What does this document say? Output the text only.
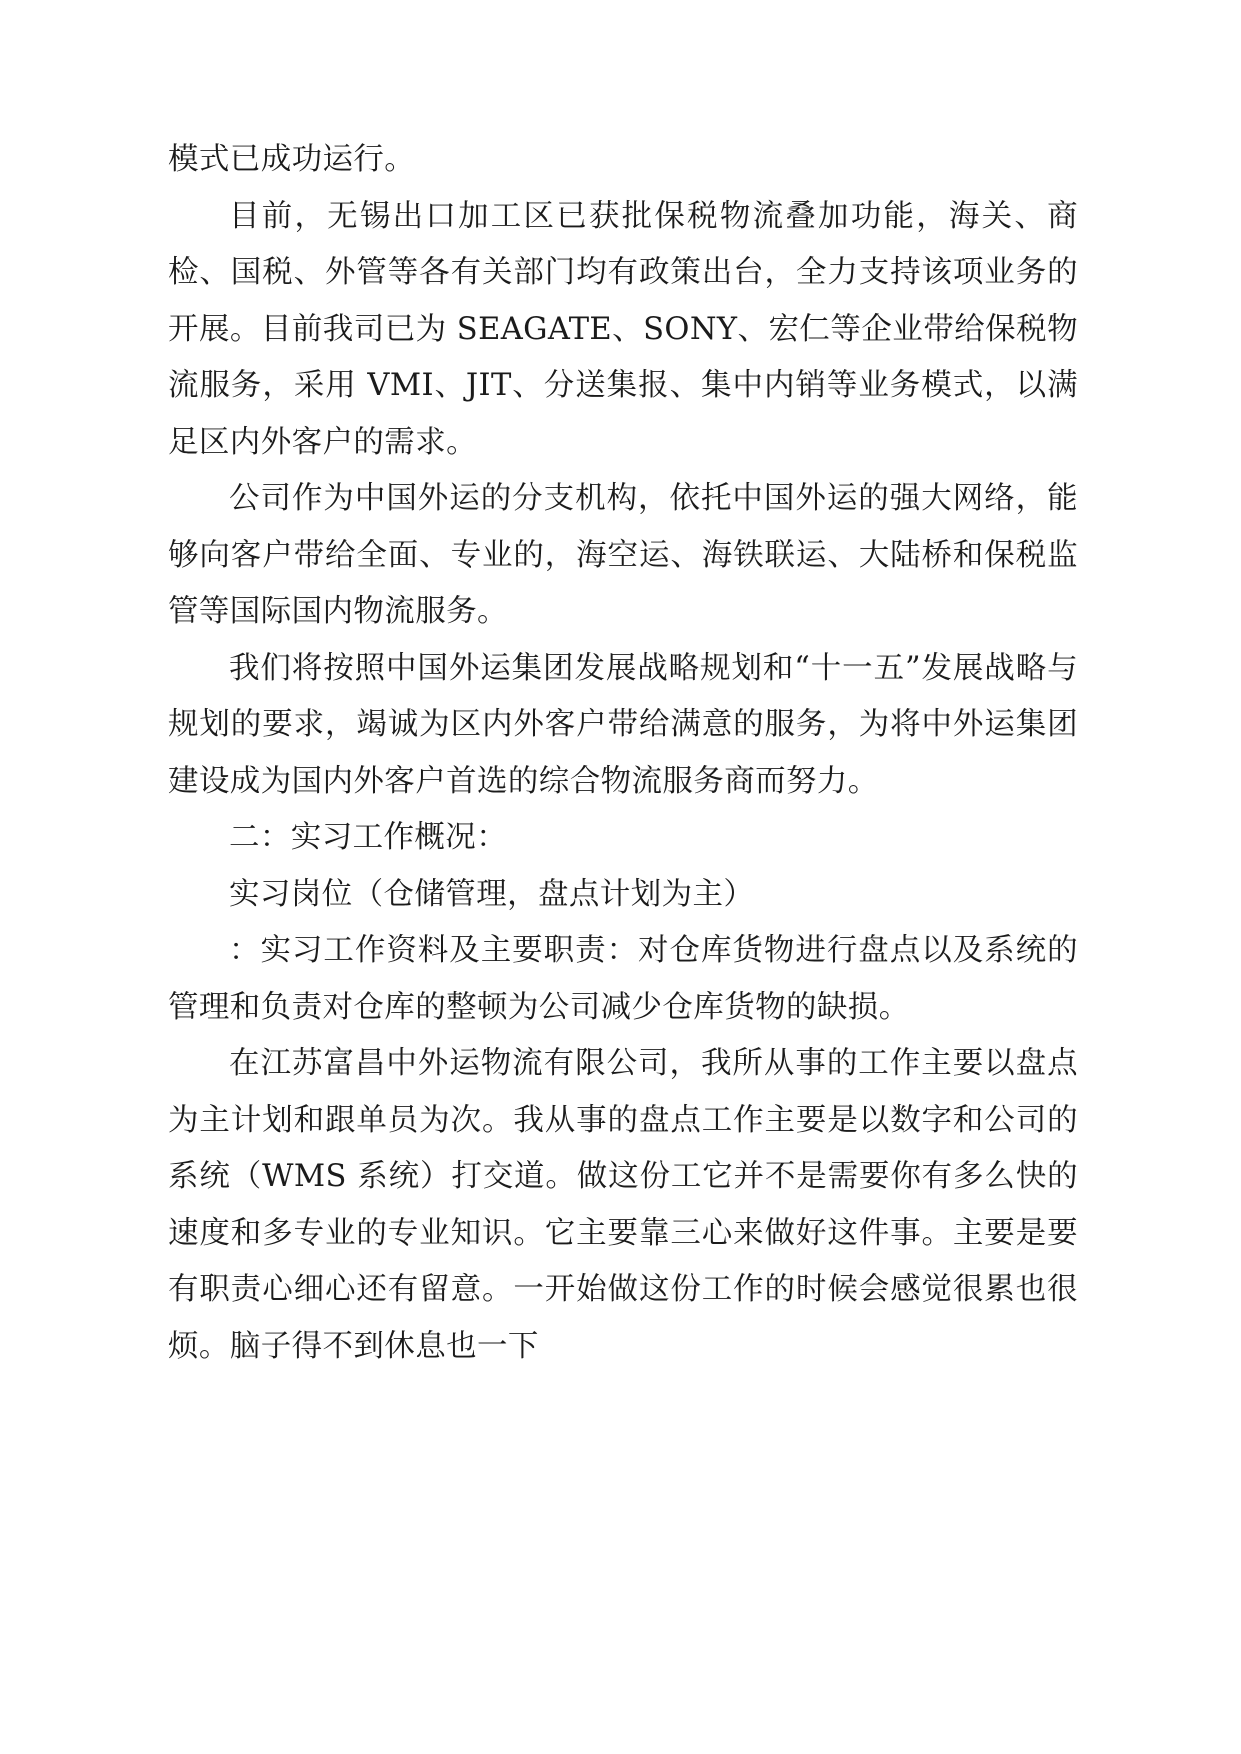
模式已成功运行。

目前，无锡出口加工区已获批保税物流叠加功能，海关、商检、国税、外管等各有关部门均有政策出台，全力支持该项业务的开展。目前我司已为 SEAGATE、SONY、宏仁等企业带给保税物流服务，采用 VMI、JIT、分送集报、集中内销等业务模式，以满足区内外客户的需求。

公司作为中国外运的分支机构，依托中国外运的强大网络，能够向客户带给全面、专业的，海空运、海铁联运、大陆桥和保税监管等国际国内物流服务。

我们将按照中国外运集团发展战略规划和“十一五”发展战略与规划的要求，竭诚为区内外客户带给满意的服务，为将中外运集团建设成为国内外客户首选的综合物流服务商而努力。

二：实习工作概况：

实习岗位（仓储管理，盘点计划为主）

：实习工作资料及主要职责：对仓库货物进行盘点以及系统的管理和负责对仓库的整顿为公司减少仓库货物的缺损。

在江苏富昌中外运物流有限公司，我所从事的工作主要以盘点为主计划和跟单员为次。我从事的盘点工作主要是以数字和公司的系统（WMS 系统）打交道。做这份工它并不是需要你有多么快的速度和多专业的专业知识。它主要靠三心来做好这件事。主要是要有职责心细心还有留意。一开始做这份工作的时候会感觉很累也很烦。脑子得不到休息也一下
